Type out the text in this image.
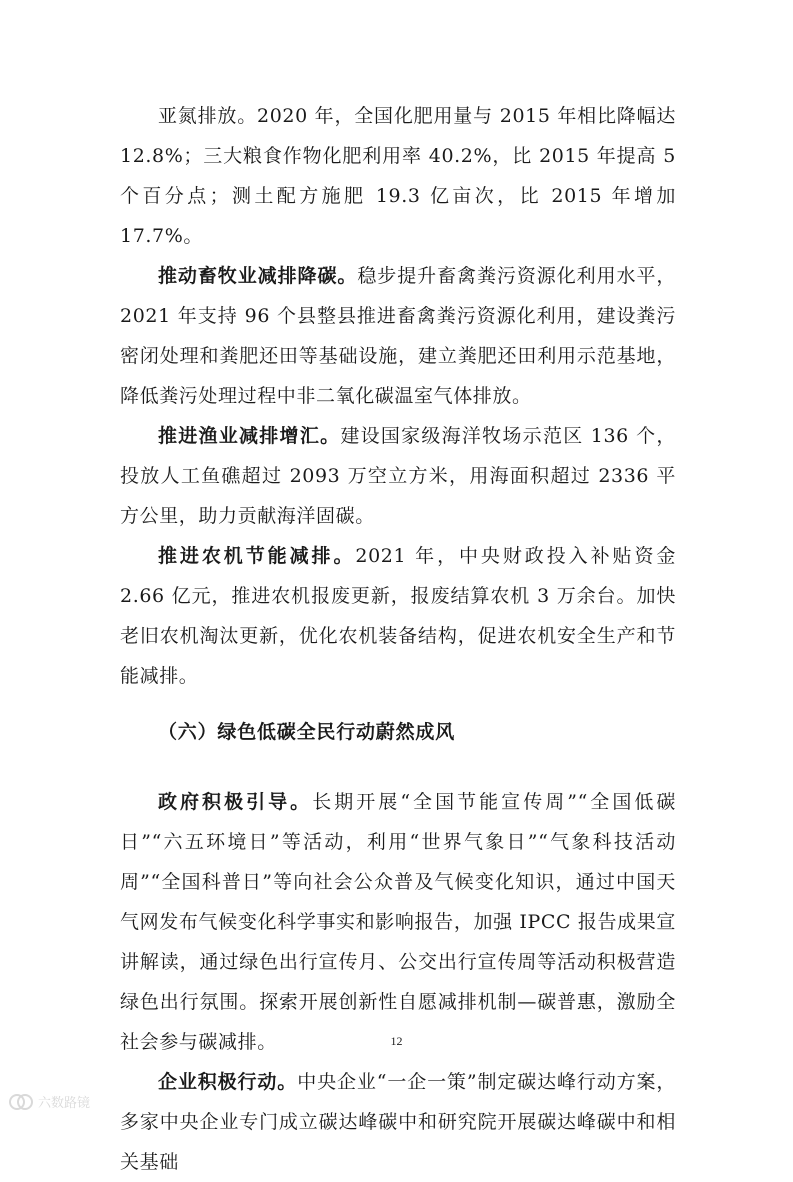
亚氮排放。2020 年，全国化肥用量与 2015 年相比降幅达 12.8%；三大粮食作物化肥利用率 40.2%，比 2015 年提高 5 个百分点；测土配方施肥 19.3 亿亩次，比 2015 年增加 17.7%。

推动畜牧业减排降碳。稳步提升畜禽粪污资源化利用水平，2021 年支持 96 个县整县推进畜禽粪污资源化利用，建设粪污密闭处理和粪肥还田等基础设施，建立粪肥还田利用示范基地，降低粪污处理过程中非二氧化碳温室气体排放。

推进渔业减排增汇。建设国家级海洋牧场示范区 136 个，投放人工鱼礁超过 2093 万空立方米，用海面积超过 2336 平方公里，助力贡献海洋固碳。

推进农机节能减排。2021 年，中央财政投入补贴资金 2.66 亿元，推进农机报废更新，报废结算农机 3 万余台。加快老旧农机淘汰更新，优化农机装备结构，促进农机安全生产和节能减排。

（六）绿色低碳全民行动蔚然成风

政府积极引导。长期开展“全国节能宣传周”“全国低碳日”“六五环境日”等活动，利用“世界气象日”“气象科技活动周”“全国科普日”等向社会公众普及气候变化知识，通过中国天气网发布气候变化科学事实和影响报告，加强 IPCC 报告成果宣讲解读，通过绿色出行宣传月、公交出行宣传周等活动积极营造绿色出行氛围。探索开展创新性自愿减排机制—碳普惠，激励全社会参与碳减排。

企业积极行动。中央企业“一企一策”制定碳达峰行动方案，多家中央企业专门成立碳达峰碳中和研究院开展碳达峰碳中和相关基础

12
六数路镜
